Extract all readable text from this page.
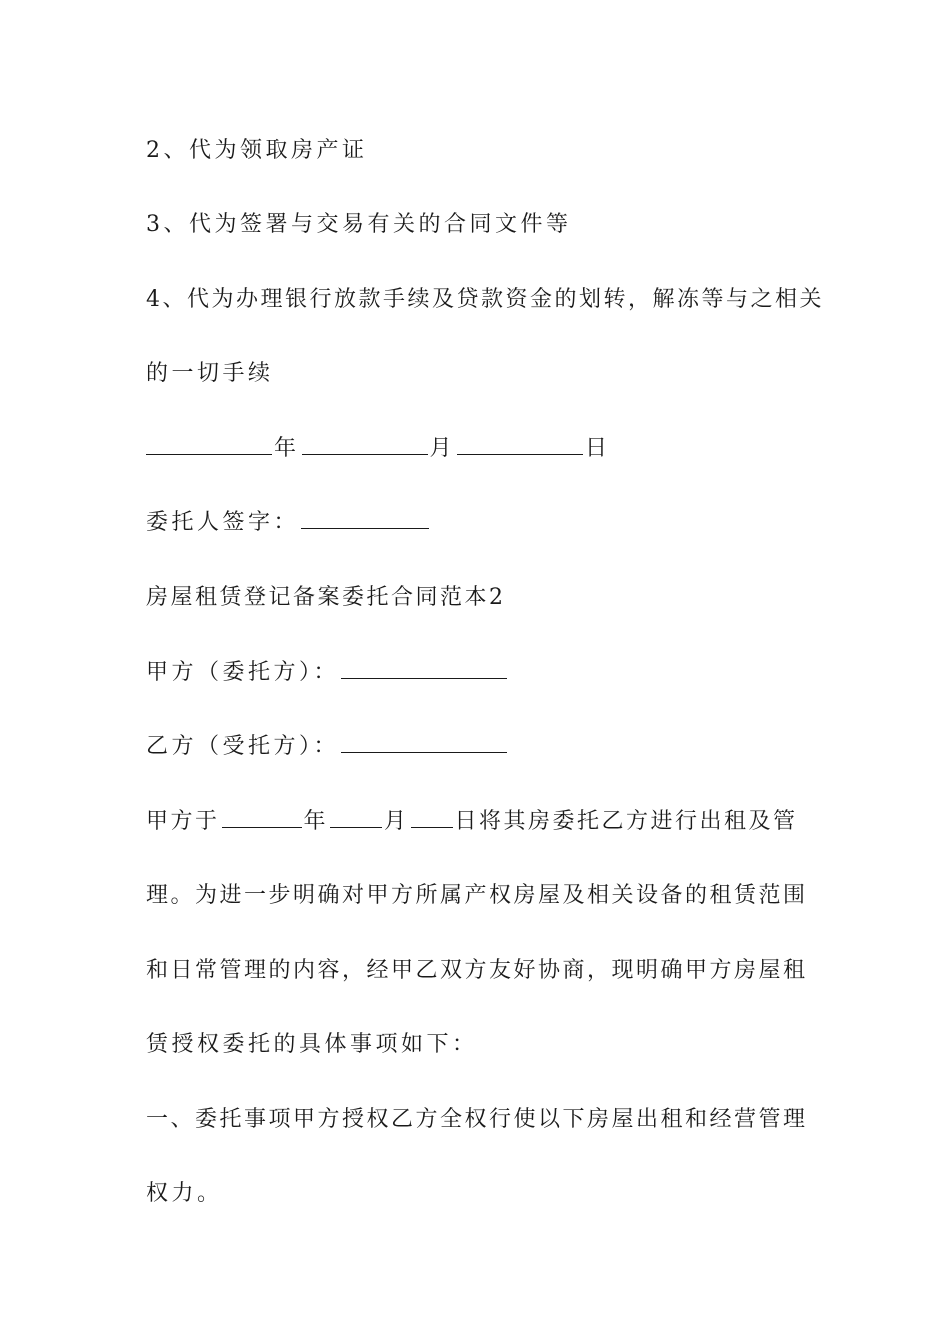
2、代为领取房产证
3、代为签署与交易有关的合同文件等
4、代为办理银行放款手续及贷款资金的划转，解冻等与之相关
的一切手续
年	月	日
委托人签字：
房屋租赁登记备案委托合同范本2
甲方（委托方）：
乙方（受托方）：
甲方于	年	月 日将其房委托乙方进行出租及管
理。为进一步明确对甲方所属产权房屋及相关设备的租赁范围
和日常管理的内容，经甲乙双方友好协商，现明确甲方房屋租
赁授权委托的具体事项如下：
一、委托事项甲方授权乙方全权行使以下房屋出租和经营管理
权力。
